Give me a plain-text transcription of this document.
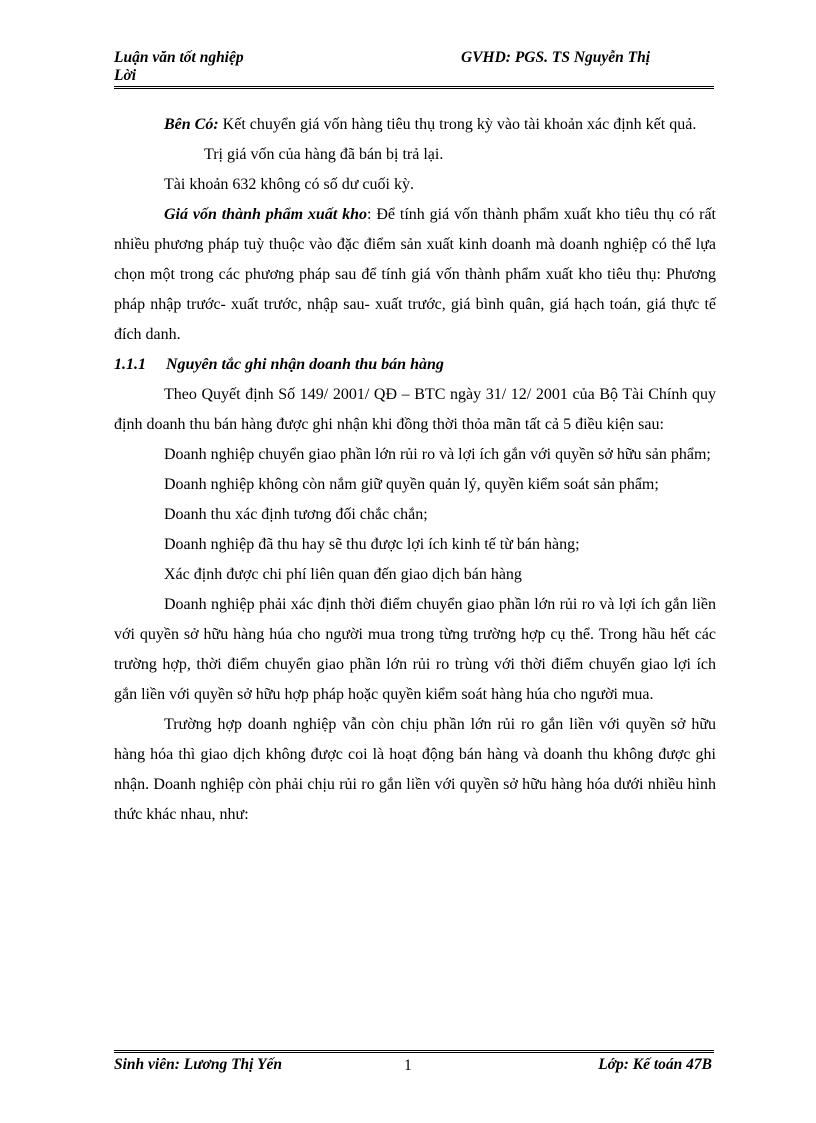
Luận văn tốt nghiệp
Lời
GVHD: PGS. TS Nguyễn Thị

Bên Có: Kết chuyển giá vốn hàng tiêu thụ trong kỳ vào tài khoản xác định kết quả.

Trị giá vốn của hàng đã bán bị trả lại.

Tài khoản 632 không có số dư cuối kỳ.

Giá vốn thành phẩm xuất kho: Để tính giá vốn thành phẩm xuất kho tiêu thụ có rất nhiều phương pháp tuỳ thuộc vào đặc điểm sản xuất kinh doanh mà doanh nghiệp có thể lựa chọn một trong các phương pháp sau để tính giá vốn thành phẩm xuất kho tiêu thụ: Phương pháp nhập trước- xuất trước, nhập sau- xuất trước, giá bình quân, giá hạch toán, giá thực tế đích danh.

1.1.1 Nguyên tắc ghi nhận doanh thu bán hàng

Theo Quyết định Số 149/ 2001/ QĐ – BTC ngày 31/ 12/ 2001 của Bộ Tài Chính quy định doanh thu bán hàng được ghi nhận khi đồng thời thỏa mãn tất cả 5 điều kiện sau:

Doanh nghiệp chuyển giao phần lớn rủi ro và lợi ích gắn với quyền sở hữu sản phẩm;

Doanh nghiệp không còn nắm giữ quyền quản lý, quyền kiểm soát sản phẩm;

Doanh thu xác định tương đối chắc chắn;

Doanh nghiệp đã thu hay sẽ thu được lợi ích kinh tế từ bán hàng;

Xác định được chi phí liên quan đến giao dịch bán hàng

Doanh nghiệp phải xác định thời điểm chuyển giao phần lớn rủi ro và lợi ích gắn liền với quyền sở hữu hàng húa cho người mua trong từng trường hợp cụ thể. Trong hầu hết các trường hợp, thời điểm chuyển giao phần lớn rủi ro trùng với thời điểm chuyển giao lợi ích gắn liền với quyền sở hữu hợp pháp hoặc quyền kiểm soát hàng húa cho người mua.

Trường hợp doanh nghiệp vẫn còn chịu phần lớn rủi ro gắn liền với quyền sở hữu hàng hóa thì giao dịch không được coi là hoạt động bán hàng và doanh thu không được ghi nhận. Doanh nghiệp còn phải chịu rủi ro gắn liền với quyền sở hữu hàng hóa dưới nhiều hình thức khác nhau, như:

Sinh viên: Lương Thị Yến	1	Lớp: Kế toán 47B
